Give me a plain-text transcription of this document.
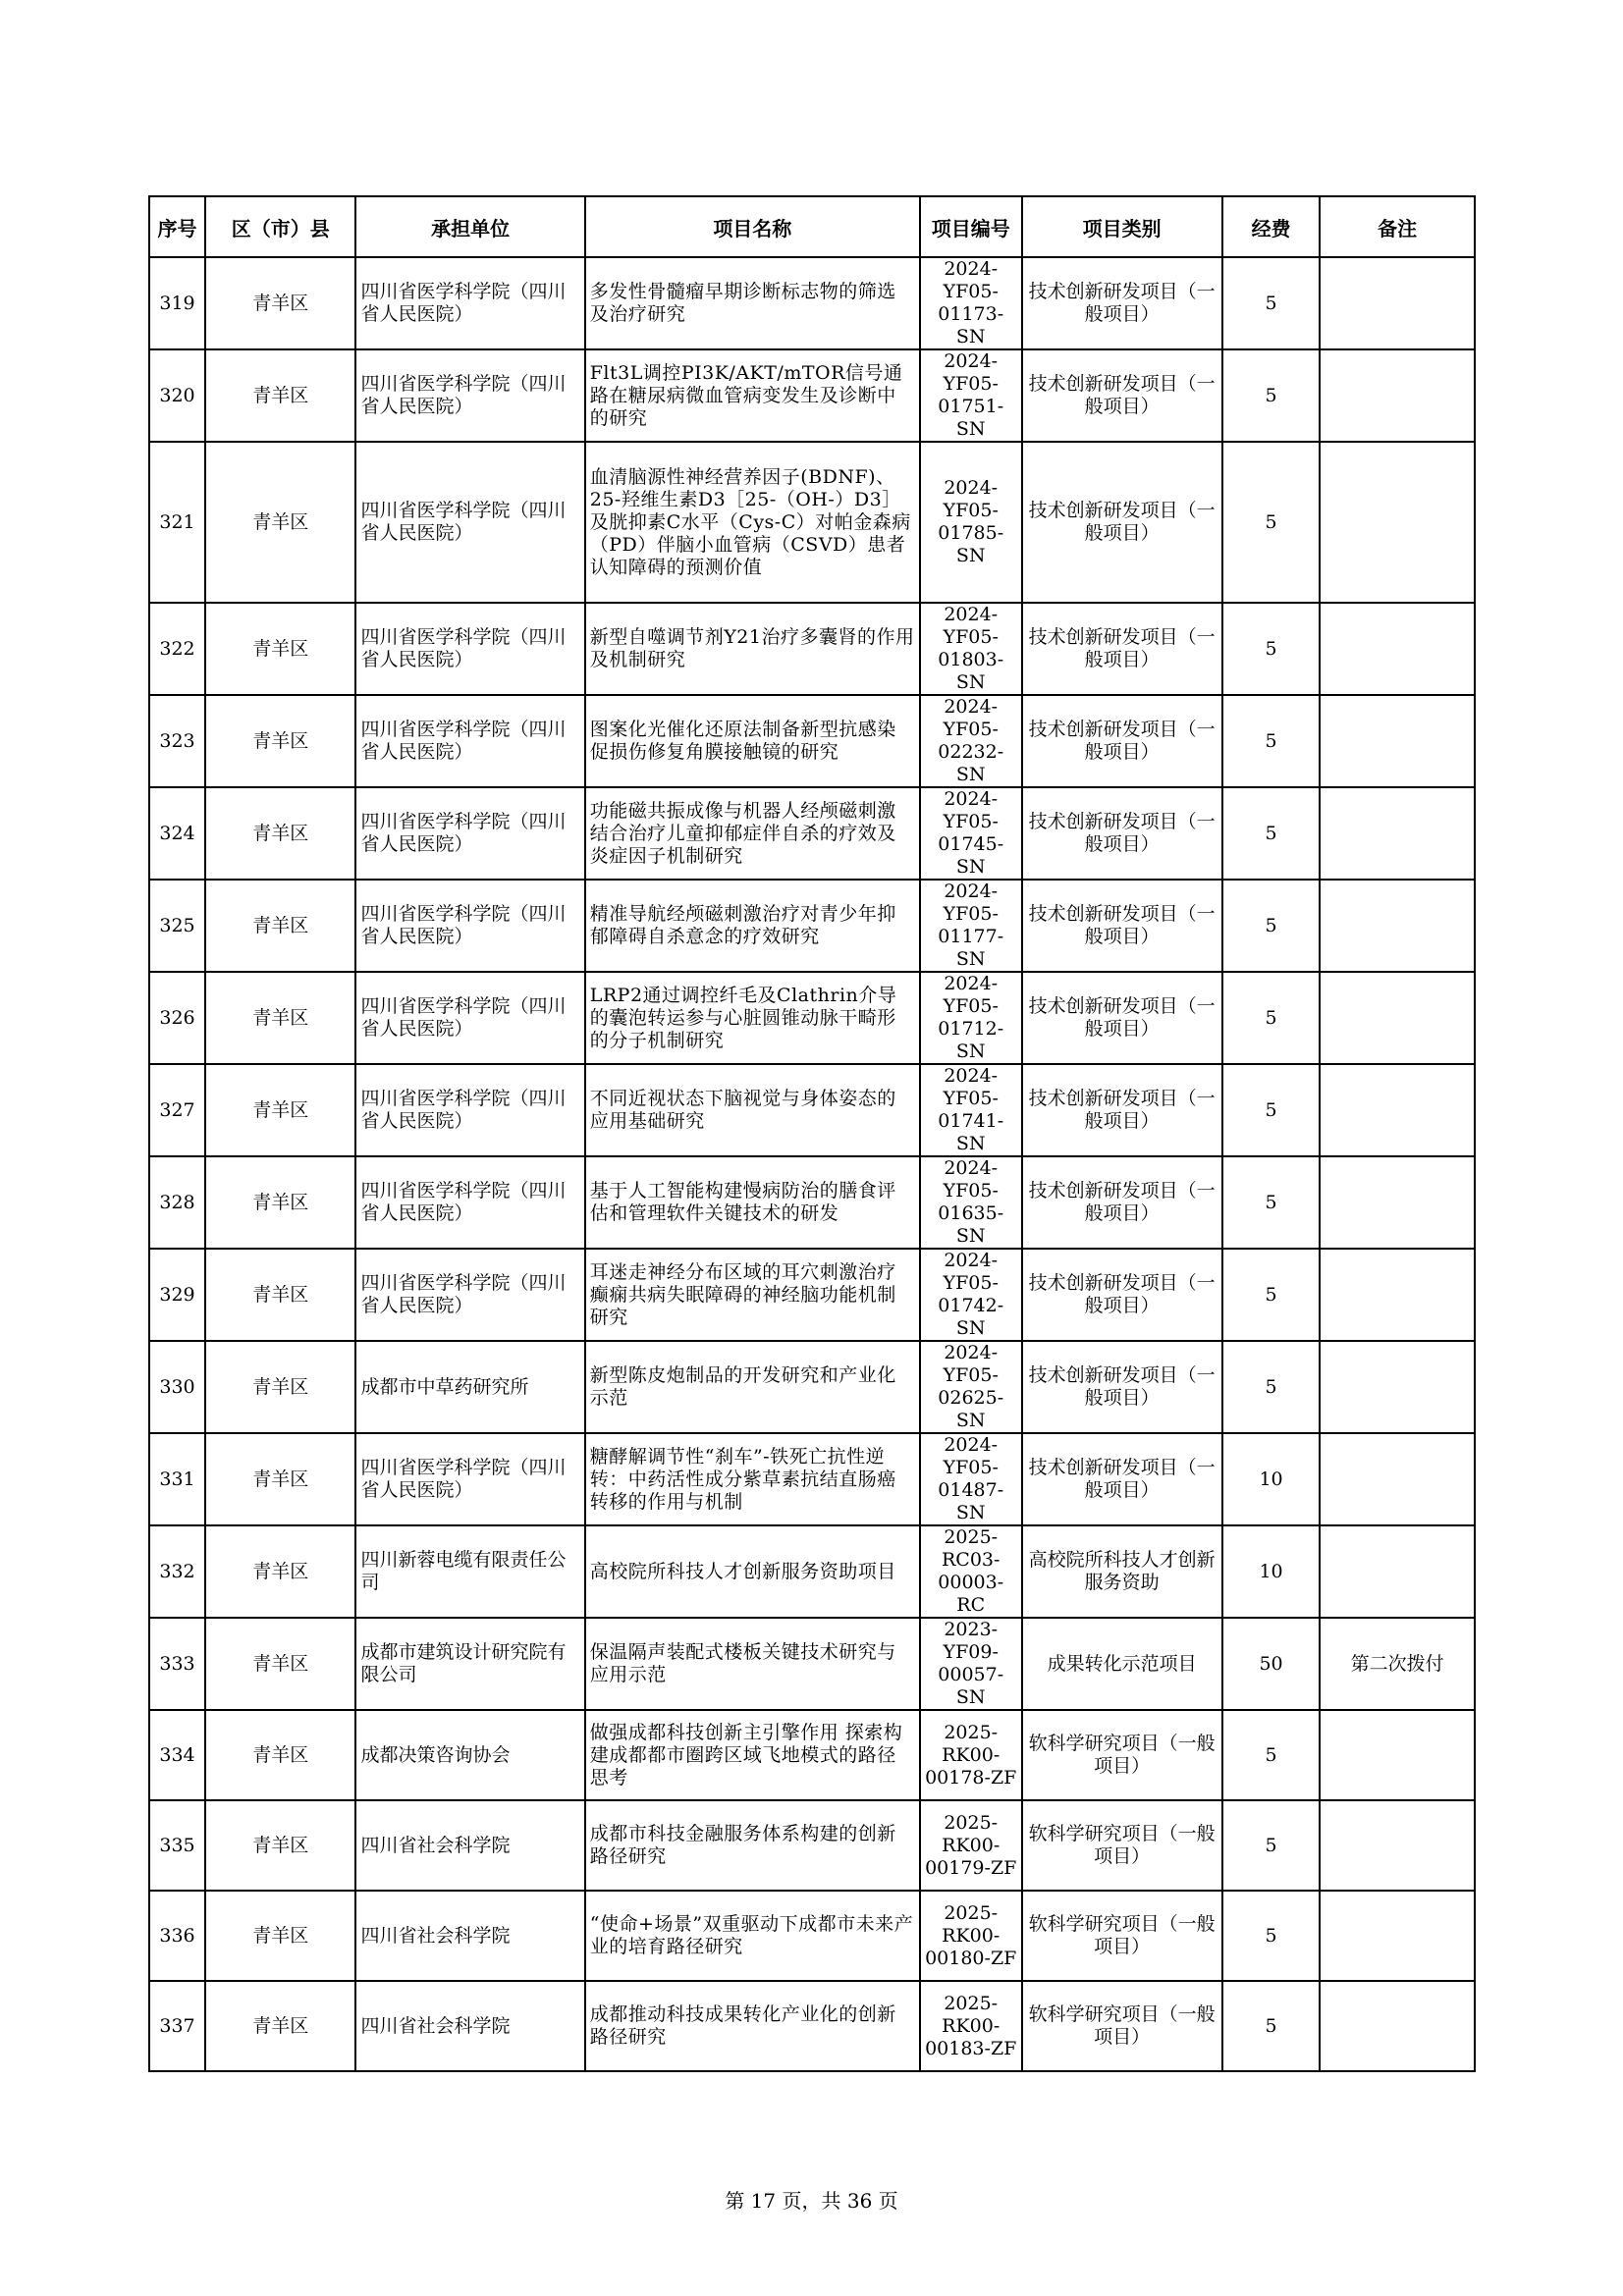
序号	区（市）县	承担单位	项目名称	项目编号	项目类别	经费	备注
319	青羊区	四川省医学科学院（四川省人民医院）	多发性骨髓瘤早期诊断标志物的筛选及治疗研究	2024-YF05-01173-SN	技术创新研发项目（一般项目）	5	
320	青羊区	四川省医学科学院（四川省人民医院）	Flt3L调控PI3K/AKT/mTOR信号通路在糖尿病微血管病变发生及诊断中的研究	2024-YF05-01751-SN	技术创新研发项目（一般项目）	5	
321	青羊区	四川省医学科学院（四川省人民医院）	血清脑源性神经营养因子(BDNF)、25-羟维生素D3［25-（OH-）D3］及胱抑素C水平（Cys-C）对帕金森病（PD）伴脑小血管病（CSVD）患者认知障碍的预测价值	2024-YF05-01785-SN	技术创新研发项目（一般项目）	5	
322	青羊区	四川省医学科学院（四川省人民医院）	新型自噬调节剂Y21治疗多囊肾的作用及机制研究	2024-YF05-01803-SN	技术创新研发项目（一般项目）	5	
323	青羊区	四川省医学科学院（四川省人民医院）	图案化光催化还原法制备新型抗感染促损伤修复角膜接触镜的研究	2024-YF05-02232-SN	技术创新研发项目（一般项目）	5	
324	青羊区	四川省医学科学院（四川省人民医院）	功能磁共振成像与机器人经颅磁刺激结合治疗儿童抑郁症伴自杀的疗效及炎症因子机制研究	2024-YF05-01745-SN	技术创新研发项目（一般项目）	5	
325	青羊区	四川省医学科学院（四川省人民医院）	精准导航经颅磁刺激治疗对青少年抑郁障碍自杀意念的疗效研究	2024-YF05-01177-SN	技术创新研发项目（一般项目）	5	
326	青羊区	四川省医学科学院（四川省人民医院）	LRP2通过调控纤毛及Clathrin介导的囊泡转运参与心脏圆锥动脉干畸形的分子机制研究	2024-YF05-01712-SN	技术创新研发项目（一般项目）	5	
327	青羊区	四川省医学科学院（四川省人民医院）	不同近视状态下脑视觉与身体姿态的应用基础研究	2024-YF05-01741-SN	技术创新研发项目（一般项目）	5	
328	青羊区	四川省医学科学院（四川省人民医院）	基于人工智能构建慢病防治的膳食评估和管理软件关键技术的研发	2024-YF05-01635-SN	技术创新研发项目（一般项目）	5	
329	青羊区	四川省医学科学院（四川省人民医院）	耳迷走神经分布区域的耳穴刺激治疗癫痫共病失眠障碍的神经脑功能机制研究	2024-YF05-01742-SN	技术创新研发项目（一般项目）	5	
330	青羊区	成都市中草药研究所	新型陈皮炮制品的开发研究和产业化示范	2024-YF05-02625-SN	技术创新研发项目（一般项目）	5	
331	青羊区	四川省医学科学院（四川省人民医院）	糖酵解调节性“刹车”-铁死亡抗性逆转：中药活性成分紫草素抗结直肠癌转移的作用与机制	2024-YF05-01487-SN	技术创新研发项目（一般项目）	10	
332	青羊区	四川新蓉电缆有限责任公司	高校院所科技人才创新服务资助项目	2025-RC03-00003-RC	高校院所科技人才创新服务资助	10	
333	青羊区	成都市建筑设计研究院有限公司	保温隔声装配式楼板关键技术研究与应用示范	2023-YF09-00057-SN	成果转化示范项目	50	第二次拨付
334	青羊区	成都决策咨询协会	做强成都科技创新主引擎作用 探索构建成都都市圈跨区域飞地模式的路径思考	2025-RK00-00178-ZF	软科学研究项目（一般项目）	5	
335	青羊区	四川省社会科学院	成都市科技金融服务体系构建的创新路径研究	2025-RK00-00179-ZF	软科学研究项目（一般项目）	5	
336	青羊区	四川省社会科学院	“使命+场景”双重驱动下成都市未来产业的培育路径研究	2025-RK00-00180-ZF	软科学研究项目（一般项目）	5	
337	青羊区	四川省社会科学院	成都推动科技成果转化产业化的创新路径研究	2025-RK00-00183-ZF	软科学研究项目（一般项目）	5	
第 17 页，共 36 页
